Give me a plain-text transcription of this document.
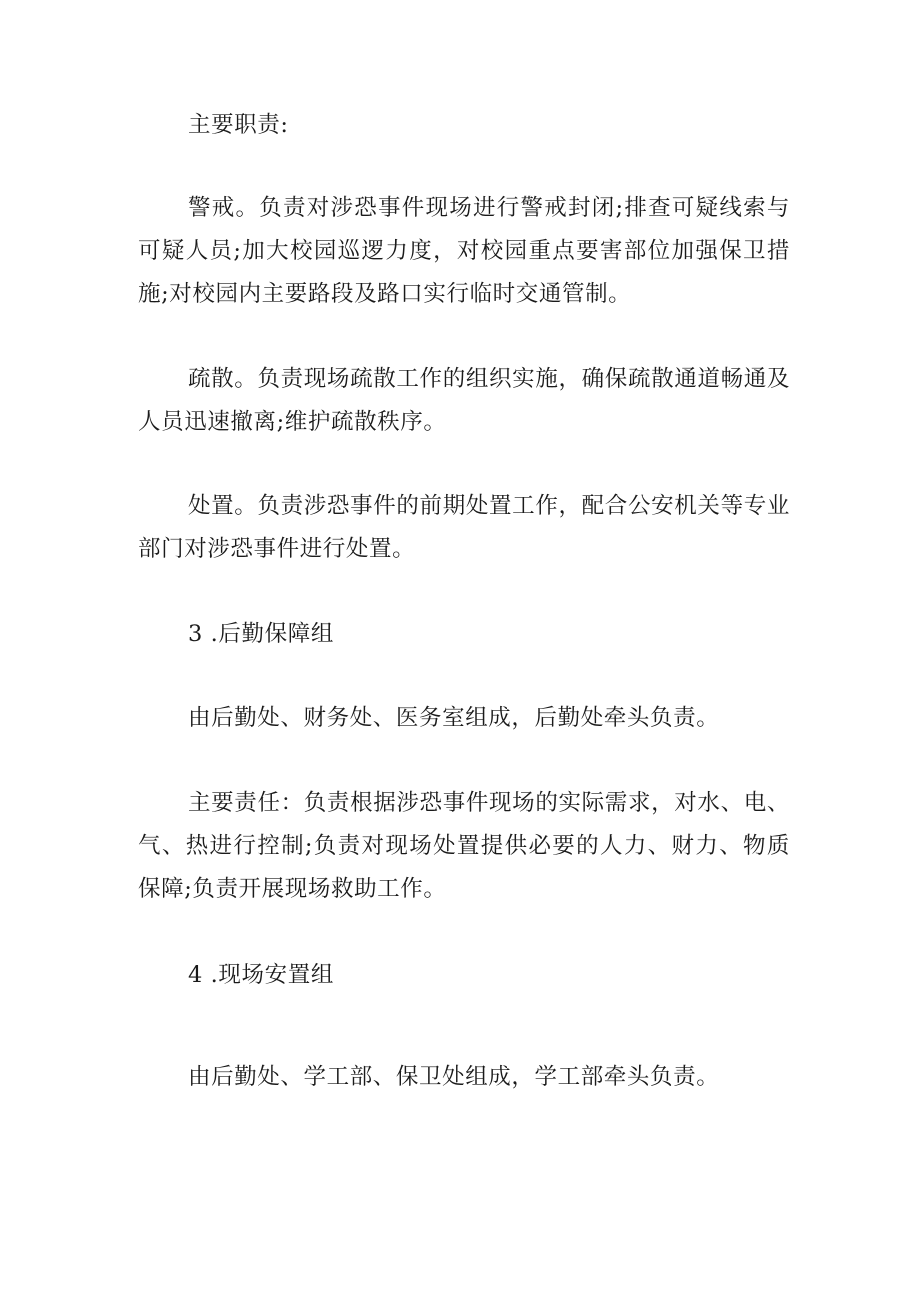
主要职责:

警戒。负责对涉恐事件现场进行警戒封闭;排查可疑线索与可疑人员;加大校园巡逻力度，对校园重点要害部位加强保卫措施;对校园内主要路段及路口实行临时交通管制。

疏散。负责现场疏散工作的组织实施，确保疏散通道畅通及人员迅速撤离;维护疏散秩序。

处置。负责涉恐事件的前期处置工作，配合公安机关等专业部门对涉恐事件进行处置。

3 .后勤保障组

由后勤处、财务处、医务室组成，后勤处牵头负责。

主要责任：负责根据涉恐事件现场的实际需求，对水、电、气、热进行控制;负责对现场处置提供必要的人力、财力、物质保障;负责开展现场救助工作。

4 .现场安置组

由后勤处、学工部、保卫处组成，学工部牵头负责。
